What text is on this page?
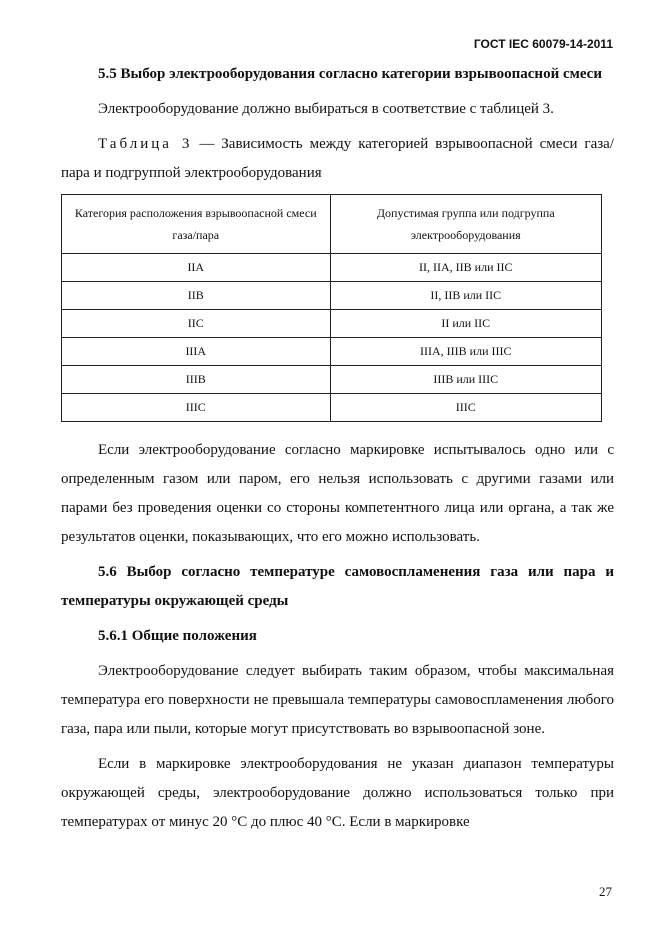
ГОСТ IEC 60079-14-2011

5.5 Выбор электрооборудования согласно категории взрывоопасной смеси

Электрооборудование должно выбираться в соответствие с таблицей 3.

Таблица 3 — Зависимость между категорией взрывоопасной смеси газа/пара и подгруппой электрооборудования

Категория расположения взрывоопасной смеси газа/пара	Допустимая группа или подгруппа электрооборудования
IIA	II, IIA, IIB или IIC
IIB	II, IIB или IIC
IIC	II или IIC
IIIA	IIIA, IIIB или IIIC
IIIB	IIIB или IIIC
IIIC	IIIC

Если электрооборудование согласно маркировке испытывалось одно или с определенным газом или паром, его нельзя использовать с другими газами или парами без проведения оценки со стороны компетентного лица или органа, а так же результатов оценки, показывающих, что его можно использовать.

5.6 Выбор согласно температуре самовоспламенения газа или пара и температуры окружающей среды

5.6.1 Общие положения

Электрооборудование следует выбирать таким образом, чтобы максимальная температура его поверхности не превышала температуры самовоспламенения любого газа, пара или пыли, которые могут присутствовать во взрывоопасной зоне.

Если в маркировке электрооборудования не указан диапазон температуры окружающей среды, электрооборудование должно использоваться только при температурах от минус 20 °С до плюс 40 °С. Если в маркировке

27
